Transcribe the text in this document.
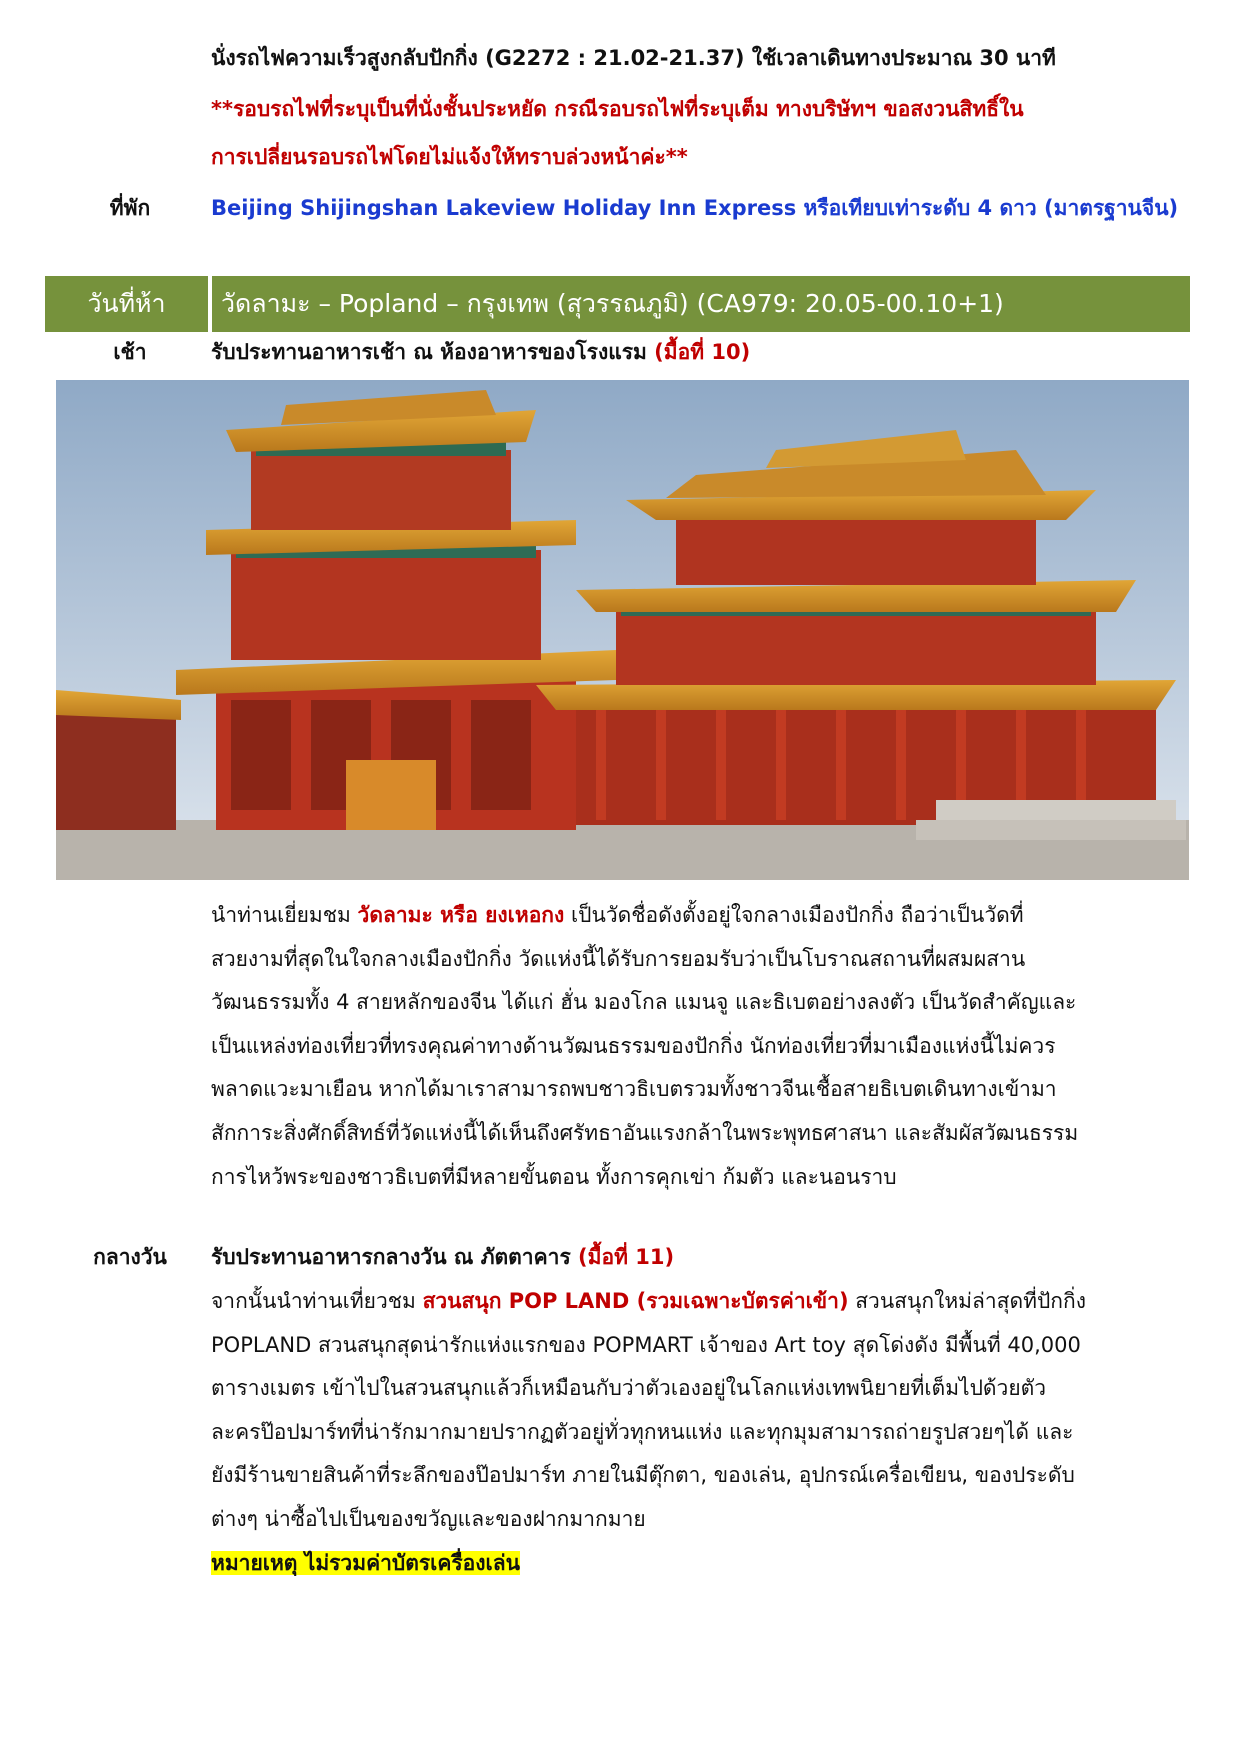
นั่งรถไฟความเร็วสูงกลับปักกิ่ง (G2272 : 21.02-21.37) ใช้เวลาเดินทางประมาณ 30 นาที
**รอบรถไฟที่ระบุเป็นที่นั่งชั้นประหยัด กรณีรอบรถไฟที่ระบุเต็ม ทางบริษัทฯ ขอสงวนสิทธิ์ใน
การเปลี่ยนรอบรถไฟโดยไม่แจ้งให้ทราบล่วงหน้าค่ะ**
ที่พัก	Beijing Shijingshan Lakeview Holiday Inn Express หรือเทียบเท่าระดับ 4 ดาว (มาตรฐานจีน)
วันที่ห้า	วัดลามะ – Popland – กรุงเทพ (สุวรรณภูมิ) (CA979: 20.05-00.10+1)
เช้า	รับประทานอาหารเช้า ณ ห้องอาหารของโรงแรม (มื้อที่ 10)

นำท่านเยี่ยมชม วัดลามะ หรือ ยงเหอกง เป็นวัดชื่อดังตั้งอยู่ใจกลางเมืองปักกิ่ง ถือว่าเป็นวัดที่

สวยงามที่สุดในใจกลางเมืองปักกิ่ง วัดแห่งนี้ได้รับการยอมรับว่าเป็นโบราณสถานที่ผสมผสาน

วัฒนธรรมทั้ง 4 สายหลักของจีน ได้แก่ ฮั่น มองโกล แมนจู และธิเบตอย่างลงตัว เป็นวัดสำคัญและ

เป็นแหล่งท่องเที่ยวที่ทรงคุณค่าทางด้านวัฒนธรรมของปักกิ่ง นักท่องเที่ยวที่มาเมืองแห่งนี้ไม่ควร

พลาดแวะมาเยือน หากได้มาเราสามารถพบชาวธิเบตรวมทั้งชาวจีนเชื้อสายธิเบตเดินทางเข้ามา

สักการะสิ่งศักดิ์สิทธ์ที่วัดแห่งนี้ได้เห็นถึงศรัทธาอันแรงกล้าในพระพุทธศาสนา และสัมผัสวัฒนธรรม

การไหว้พระของชาวธิเบตที่มีหลายขั้นตอน ทั้งการคุกเข่า ก้มตัว และนอนราบ

กลางวัน	รับประทานอาหารกลางวัน ณ ภัตตาคาร (มื้อที่ 11)

จากนั้นนำท่านเที่ยวชม สวนสนุก POP LAND (รวมเฉพาะบัตรค่าเข้า) สวนสนุกใหม่ล่าสุดที่ปักกิ่ง

POPLAND สวนสนุกสุดน่ารักแห่งแรกของ POPMART เจ้าของ Art toy สุดโด่งดัง มีพื้นที่ 40,000

ตารางเมตร เข้าไปในสวนสนุกแล้วก็เหมือนกับว่าตัวเองอยู่ในโลกแห่งเทพนิยายที่เต็มไปด้วยตัว

ละครป๊อปมาร์ทที่น่ารักมากมายปรากฏตัวอยู่ทั่วทุกหนแห่ง และทุกมุมสามารถถ่ายรูปสวยๆได้ และ

ยังมีร้านขายสินค้าที่ระลึกของป๊อปมาร์ท ภายในมีตุ๊กตา, ของเล่น, อุปกรณ์เครื่อเขียน, ของประดับ

ต่างๆ น่าซื้อไปเป็นของขวัญและของฝากมากมาย

หมายเหตุ ไม่รวมค่าบัตรเครื่องเล่น
